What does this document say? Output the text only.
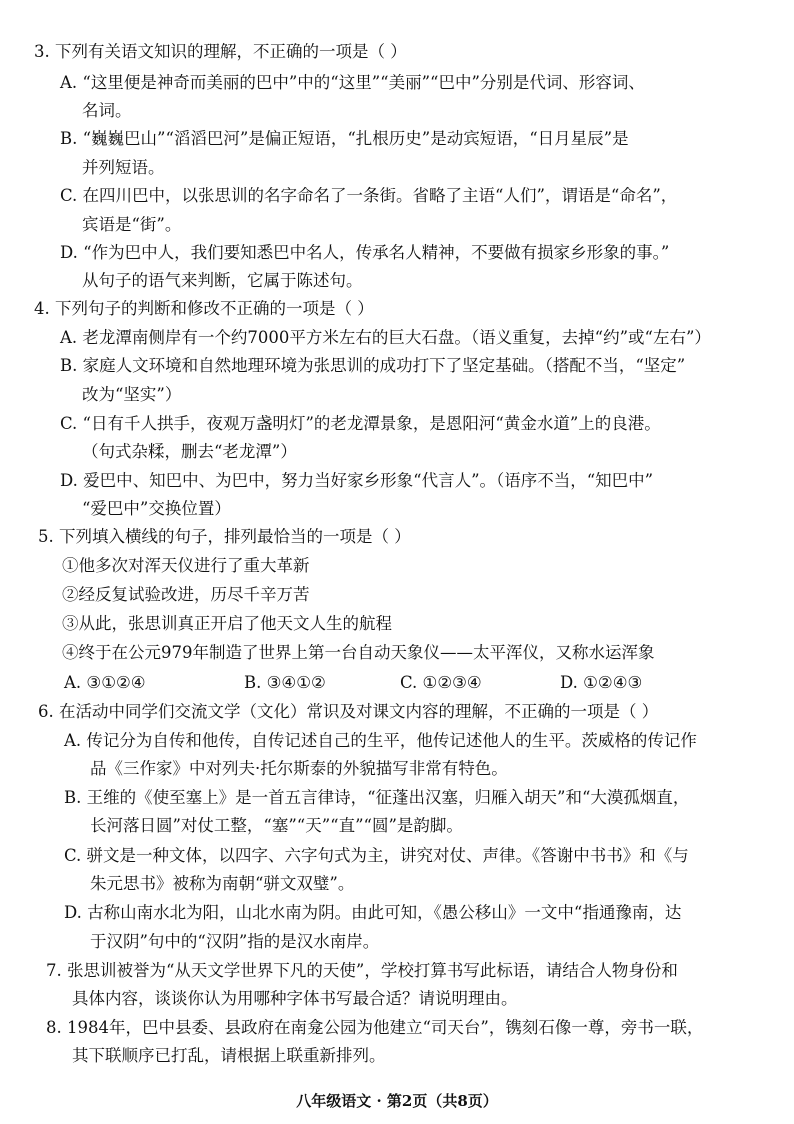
3. 下列有关语文知识的理解，不正确的一项是（ ）
A. “这里便是神奇而美丽的巴中”中的“这里”“美丽”“巴中”分别是代词、形容词、
名词。
B. “巍巍巴山”“滔滔巴河”是偏正短语，“扎根历史”是动宾短语，“日月星辰”是
并列短语。
C. 在四川巴中，以张思训的名字命名了一条街。省略了主语“人们”，谓语是“命名”，
宾语是“街”。
D. “作为巴中人，我们要知悉巴中名人，传承名人精神，不要做有损家乡形象的事。”
从句子的语气来判断，它属于陈述句。
4. 下列句子的判断和修改不正确的一项是（ ）
A. 老龙潭南侧岸有一个约7000平方米左右的巨大石盘。（语义重复，去掉“约”或“左右”）
B. 家庭人文环境和自然地理环境为张思训的成功打下了坚定基础。（搭配不当，“坚定”
改为“坚实”）
C. “日有千人拱手，夜观万盏明灯”的老龙潭景象，是恩阳河“黄金水道”上的良港。
（句式杂糅，删去“老龙潭”）
D. 爱巴中、知巴中、为巴中，努力当好家乡形象“代言人”。（语序不当，“知巴中”
“爱巴中”交换位置）
5. 下列填入横线的句子，排列最恰当的一项是（ ）
①他多次对浑天仪进行了重大革新
②经反复试验改进，历尽千辛万苦
③从此，张思训真正开启了他天文人生的航程
④终于在公元979年制造了世界上第一台自动天象仪——太平浑仪，又称水运浑象
A. ③①②④	B. ③④①②	C. ①②③④	D. ①②④③
6. 在活动中同学们交流文学（文化）常识及对课文内容的理解，不正确的一项是（ ）
A. 传记分为自传和他传，自传记述自己的生平，他传记述他人的生平。茨威格的传记作
品《三作家》中对列夫·托尔斯泰的外貌描写非常有特色。
B. 王维的《使至塞上》是一首五言律诗，“征蓬出汉塞，归雁入胡天”和“大漠孤烟直，
长河落日圆”对仗工整，“塞”“天”“直”“圆”是韵脚。
C. 骈文是一种文体，以四字、六字句式为主，讲究对仗、声律。《答谢中书书》和《与
朱元思书》被称为南朝“骈文双璧”。
D. 古称山南水北为阳，山北水南为阴。由此可知，《愚公移山》一文中“指通豫南，达
于汉阴”句中的“汉阴”指的是汉水南岸。
7. 张思训被誉为“从天文学世界下凡的天使”，学校打算书写此标语，请结合人物身份和
具体内容，谈谈你认为用哪种字体书写最合适？请说明理由。
8. 1984年，巴中县委、县政府在南龛公园为他建立“司天台”，镌刻石像一尊，旁书一联，
其下联顺序已打乱，请根据上联重新排列。
八年级语文 · 第2页（共8页）
